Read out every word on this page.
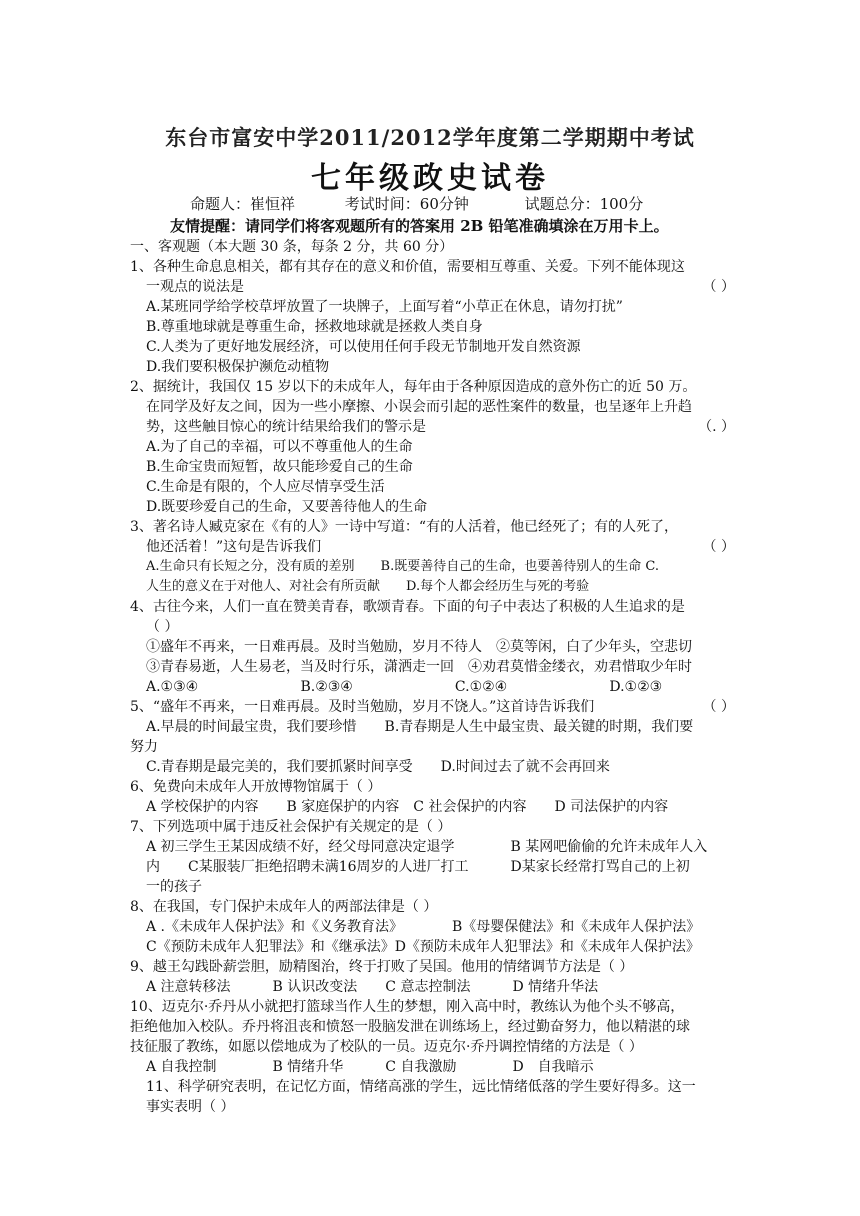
东台市富安中学2011/2012学年度第二学期期中考试
七年级政史试卷
命题人：崔恒祥	考试时间：60分钟	试题总分：100分
友情提醒：请同学们将客观题所有的答案用 2B 铅笔准确填涂在万用卡上。
一、客观题（本大题 30 条，每条 2 分，共 60 分）
1、各种生命息息相关，都有其存在的意义和价值，需要相互尊重、关爱。下列不能体现这
一观点的说法是	（ ）
A.某班同学给学校草坪放置了一块牌子，上面写着“小草正在休息，请勿打扰”
B.尊重地球就是尊重生命，拯救地球就是拯救人类自身
C.人类为了更好地发展经济，可以使用任何手段无节制地开发自然资源
D.我们要积极保护濒危动植物
2、据统计，我国仅 15 岁以下的未成年人，每年由于各种原因造成的意外伤亡的近 50 万。
在同学及好友之间，因为一些小摩擦、小误会而引起的恶性案件的数量，也呈逐年上升趋
势，这些触目惊心的统计结果给我们的警示是	（. ）
A.为了自己的幸福，可以不尊重他人的生命
B.生命宝贵而短暂，故只能珍爱自己的生命
C.生命是有限的，个人应尽情享受生活
D.既要珍爱自己的生命，又要善待他人的生命
3、著名诗人臧克家在《有的人》一诗中写道：“有的人活着，他已经死了；有的人死了，
他还活着！”这句是告诉我们	（ ）
A.生命只有长短之分，没有质的差别　　B.既要善待自己的生命，也要善待别人的生命 C.
人生的意义在于对他人、对社会有所贡献　　D.每个人都会经历生与死的考验
4、古往今来，人们一直在赞美青春，歌颂青春。下面的句子中表达了积极的人生追求的是
（ ）
①盛年不再来，一日难再晨。及时当勉励，岁月不待人　②莫等闲，白了少年头，空悲切
③青春易逝，人生易老，当及时行乐，潇洒走一回　④劝君莫惜金缕衣，劝君惜取少年时
A.①③④	B.②③④	C.①②④	D.①②③
5、“盛年不再来，一日难再晨。及时当勉励，岁月不饶人。”这首诗告诉我们	（ ）
A.早晨的时间最宝贵，我们要珍惜　　B.青春期是人生中最宝贵、最关键的时期，我们要
努力
C.青春期是最完美的，我们要抓紧时间享受　　D.时间过去了就不会再回来
6、免费向未成年人开放博物馆属于（ ）
A 学校保护的内容　　B 家庭保护的内容　C 社会保护的内容　　D 司法保护的内容
7、下列选项中属于违反社会保护有关规定的是（ ）
A 初三学生王某因成绩不好，经父母同意决定退学　　　　B 某网吧偷偷的允许未成年人入
内　　C某服装厂拒绝招聘未满16周岁的人进厂打工　　　D某家长经常打骂自己的上初
一的孩子
8、在我国，专门保护未成年人的两部法律是（ ）
A .《未成年人保护法》和《义务教育法》　　　　B《母婴保健法》和《未成年人保护法》
C《预防未成年人犯罪法》和《继承法》D《预防未成年人犯罪法》和《未成年人保护法》
9、越王勾践卧薪尝胆，励精图治，终于打败了吴国。他用的情绪调节方法是（ ）
A 注意转移法　　　B 认识改变法　　C 意志控制法　　　D 情绪升华法
10、迈克尔·乔丹从小就把打篮球当作人生的梦想，刚入高中时，教练认为他个头不够高，
拒绝他加入校队。乔丹将沮丧和愤怒一股脑发泄在训练场上，经过勤奋努力，他以精湛的球
技征服了教练，如愿以偿地成为了校队的一员。迈克尔·乔丹调控情绪的方法是（ ）
A 自我控制　　　　B 情绪升华　　　C 自我激励　　　　D　自我暗示
11、科学研究表明，在记忆方面，情绪高涨的学生，远比情绪低落的学生要好得多。这一
事实表明（ ）
